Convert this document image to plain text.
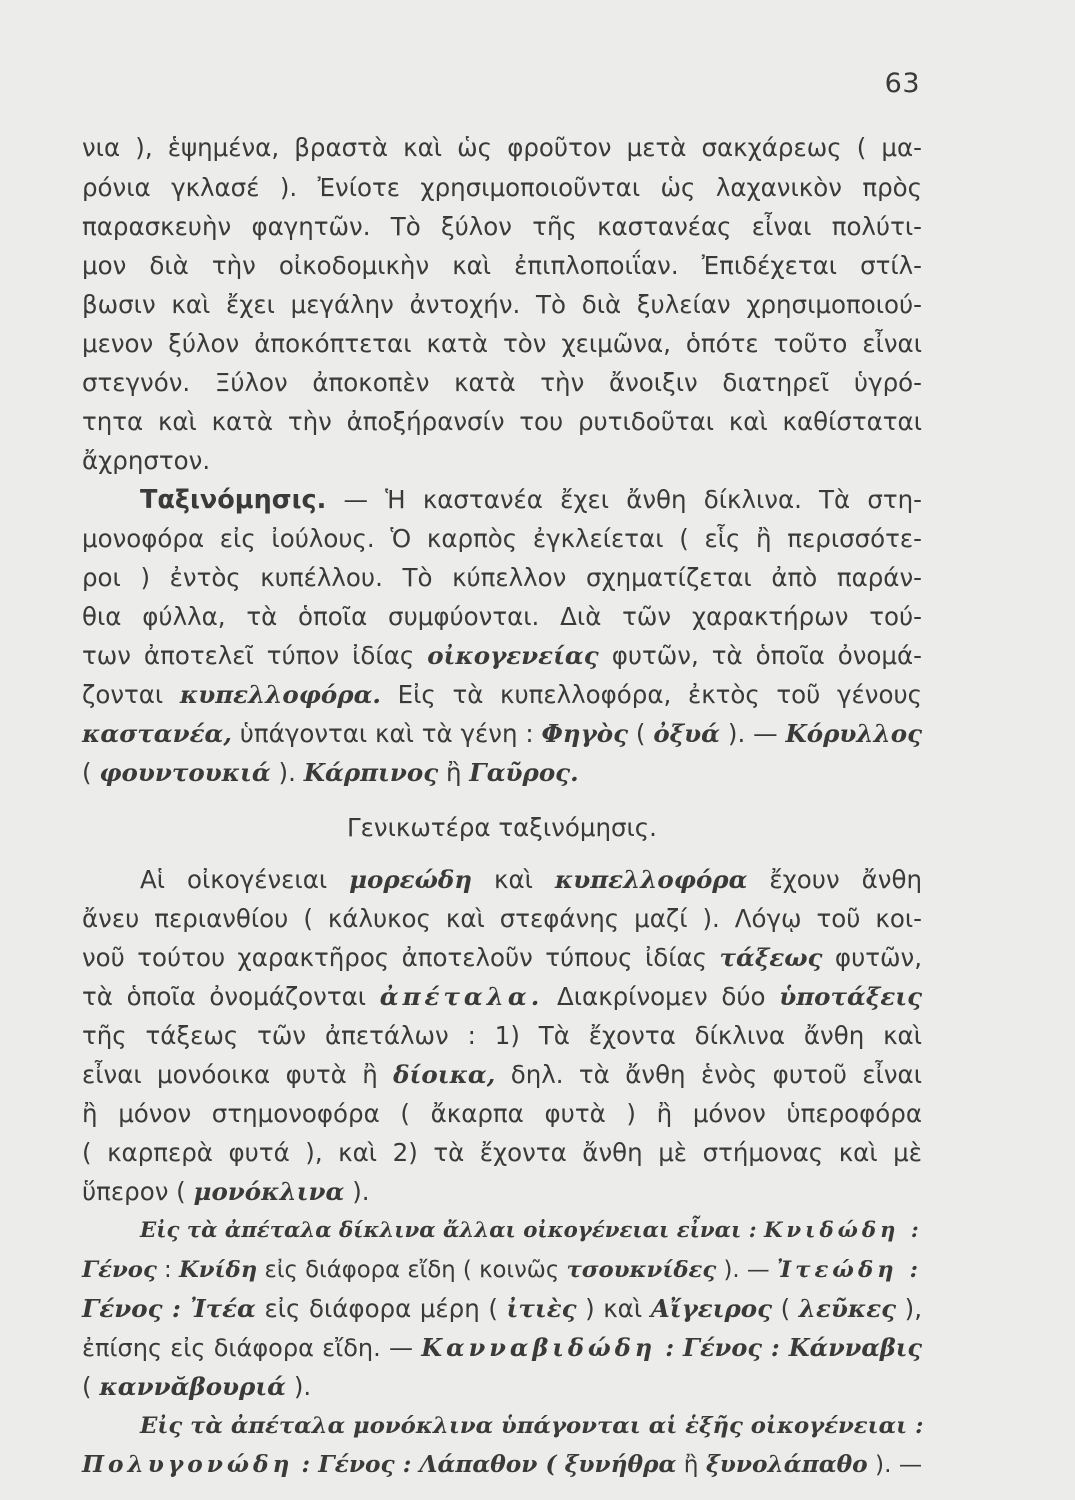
63
νια ), ἑψημένα, βραστὰ καὶ ὡς φροῦτον μετὰ σακχάρεως ( μα-
ρόνια γκλασέ ). Ἐνίοτε χρησιμοποιοῦνται ὡς λαχανικὸν πρὸς
παρασκευὴν φαγητῶν. Τὸ ξύλον τῆς καστανέας εἶναι πολύτι-
μον διὰ τὴν οἰκοδομικὴν καὶ ἐπιπλοποιΐαν. Ἐπιδέχεται στίλ-
βωσιν καὶ ἔχει μεγάλην ἀντοχήν. Τὸ διὰ ξυλείαν χρησιμοποιού-
μενον ξύλον ἀποκόπτεται κατὰ τὸν χειμῶνα, ὁπότε τοῦτο εἶναι
στεγνόν. Ξύλον ἀποκοπὲν κατὰ τὴν ἄνοιξιν διατηρεῖ ὑγρό-
τητα καὶ κατὰ τὴν ἀποξήρανσίν του ρυτιδοῦται καὶ καθίσταται
ἄχρηστον.
Ταξινόμησις. — Ἡ καστανέα ἔχει ἄνθη δίκλινα. Τὰ στη-
μονοφόρα εἰς ἰούλους. Ὁ καρπὸς ἐγκλείεται ( εἷς ἢ περισσότε-
ροι ) ἐντὸς κυπέλλου. Τὸ κύπελλον σχηματίζεται ἀπὸ παράν-
θια φύλλα, τὰ ὁποῖα συμφύονται. Διὰ τῶν χαρακτήρων τού-
των ἀποτελεῖ τύπον ἰδίας οἰκογενείας φυτῶν, τὰ ὁποῖα ὀνομά-
ζονται κυπελλοφόρα. Εἰς τὰ κυπελλοφόρα, ἐκτὸς τοῦ γένους
καστανέα, ὑπάγονται καὶ τὰ γένη : Φηγὸς ( ὀξυά ). — Κόρυλλος
( φουντουκιά ). Κάρπινος ἢ Γαῦρος.
Γενικωτέρα ταξινόμησις.
Αἱ οἰκογένειαι μορεώδη καὶ κυπελλοφόρα ἔχουν ἄνθη
ἄνευ περιανθίου ( κάλυκος καὶ στεφάνης μαζί ). Λόγῳ τοῦ κοι-
νοῦ τούτου χαρακτῆρος ἀποτελοῦν τύπους ἰδίας τάξεως φυτῶν,
τὰ ὁποῖα ὀνομάζονται ἀπέταλα. Διακρίνομεν δύο ὑποτάξεις
τῆς τάξεως τῶν ἀπετάλων : 1) Τὰ ἔχοντα δίκλινα ἄνθη καὶ
εἶναι μονόοικα φυτὰ ἢ δίοικα, δηλ. τὰ ἄνθη ἑνὸς φυτοῦ εἶναι
ἢ μόνον στημονοφόρα ( ἄκαρπα φυτὰ ) ἢ μόνον ὑπεροφόρα
( καρπερὰ φυτά ), καὶ 2) τὰ ἔχοντα ἄνθη μὲ στήμονας καὶ μὲ
ὕπερον ( μονόκλινα ).
Εἰς τὰ ἀπέταλα δίκλινα ἄλλαι οἰκογένειαι εἶναι : Κνιδώδη :
Γένος : Κνίδη εἰς διάφορα εἴδη ( κοινῶς τσουκνίδες ). — Ἰτεώδη :
Γένος : Ἰτέα εἰς διάφορα μέρη ( ἰτιὲς ) καὶ Αἴγειρος ( λεῦκες ),
ἐπίσης εἰς διάφορα εἴδη. — Κανναβιδώδη : Γένος : Κάνναβις
( καννᾰβουριά ).
Εἰς τὰ ἀπέταλα μονόκλινα ὑπάγονται αἱ ἑξῆς οἰκογένειαι :
Πολυγονώδη : Γένος : Λάπαθον ( ξυνήθρα ἢ ξυνολάπαθο ). —
